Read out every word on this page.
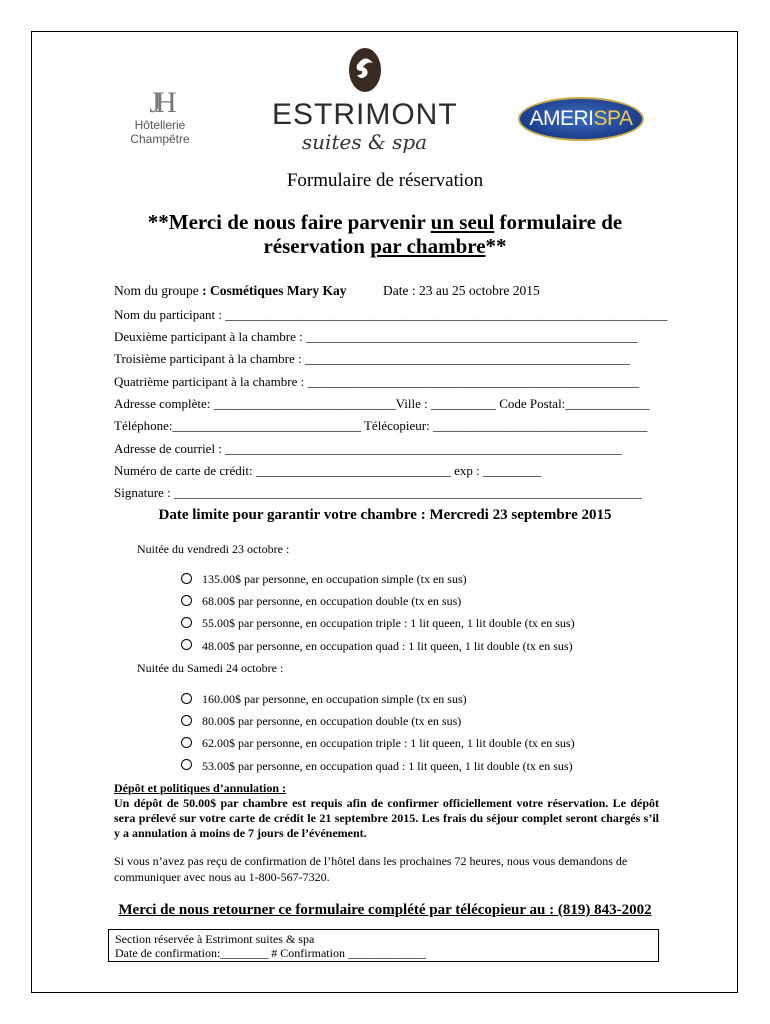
JH
Hôtellerie
Champêtre
ESTRIMONT
suites & spa
AMERISPA
Formulaire de réservation
**Merci de nous faire parvenir un seul formulaire de
réservation par chambre**
Nom du groupe : Cosmétiques Mary Kay	Date : 23 au 25 octobre 2015
Nom du participant : ____________________________________________________________________
Deuxième participant à la chambre : ___________________________________________________
Troisième participant à la chambre : __________________________________________________
Quatrième participant à la chambre : ___________________________________________________
Adresse complète: ____________________________Ville : __________ Code Postal:_____________
Téléphone:_____________________________ Télécopieur: _________________________________
Adresse de courriel : _____________________________________________________________
Numéro de carte de crédit: ______________________________ exp : _________
Signature : ________________________________________________________________________
Date limite pour garantir votre chambre : Mercredi 23 septembre 2015
Nuitée du vendredi 23 octobre :
135.00$ par personne, en occupation simple (tx en sus)
68.00$ par personne, en occupation double (tx en sus)
55.00$ par personne, en occupation triple : 1 lit queen, 1 lit double (tx en sus)
48.00$ par personne, en occupation quad : 1 lit queen, 1 lit double (tx en sus)
Nuitée du Samedi 24 octobre :
160.00$ par personne, en occupation simple (tx en sus)
80.00$ par personne, en occupation double (tx en sus)
62.00$ par personne, en occupation triple : 1 lit queen, 1 lit double (tx en sus)
53.00$ par personne, en occupation quad : 1 lit queen, 1 lit double (tx en sus)
Dépôt et politiques d’annulation :
Un dépôt de 50.00$ par chambre est requis afin de confirmer officiellement votre réservation. Le dépôt sera prélevé sur votre carte de crédit le 21 septembre 2015. Les frais du séjour complet seront chargés s’il y a annulation à moins de 7 jours de l’événement.
Si vous n’avez pas reçu de confirmation de l’hôtel dans les prochaines 72 heures, nous vous demandons de communiquer avec nous au 1-800-567-7320.
Merci de nous retourner ce formulaire complété par télécopieur au : (819) 843-2002
Section réservée à Estrimont suites & spa
Date de confirmation:________ # Confirmation _____________
